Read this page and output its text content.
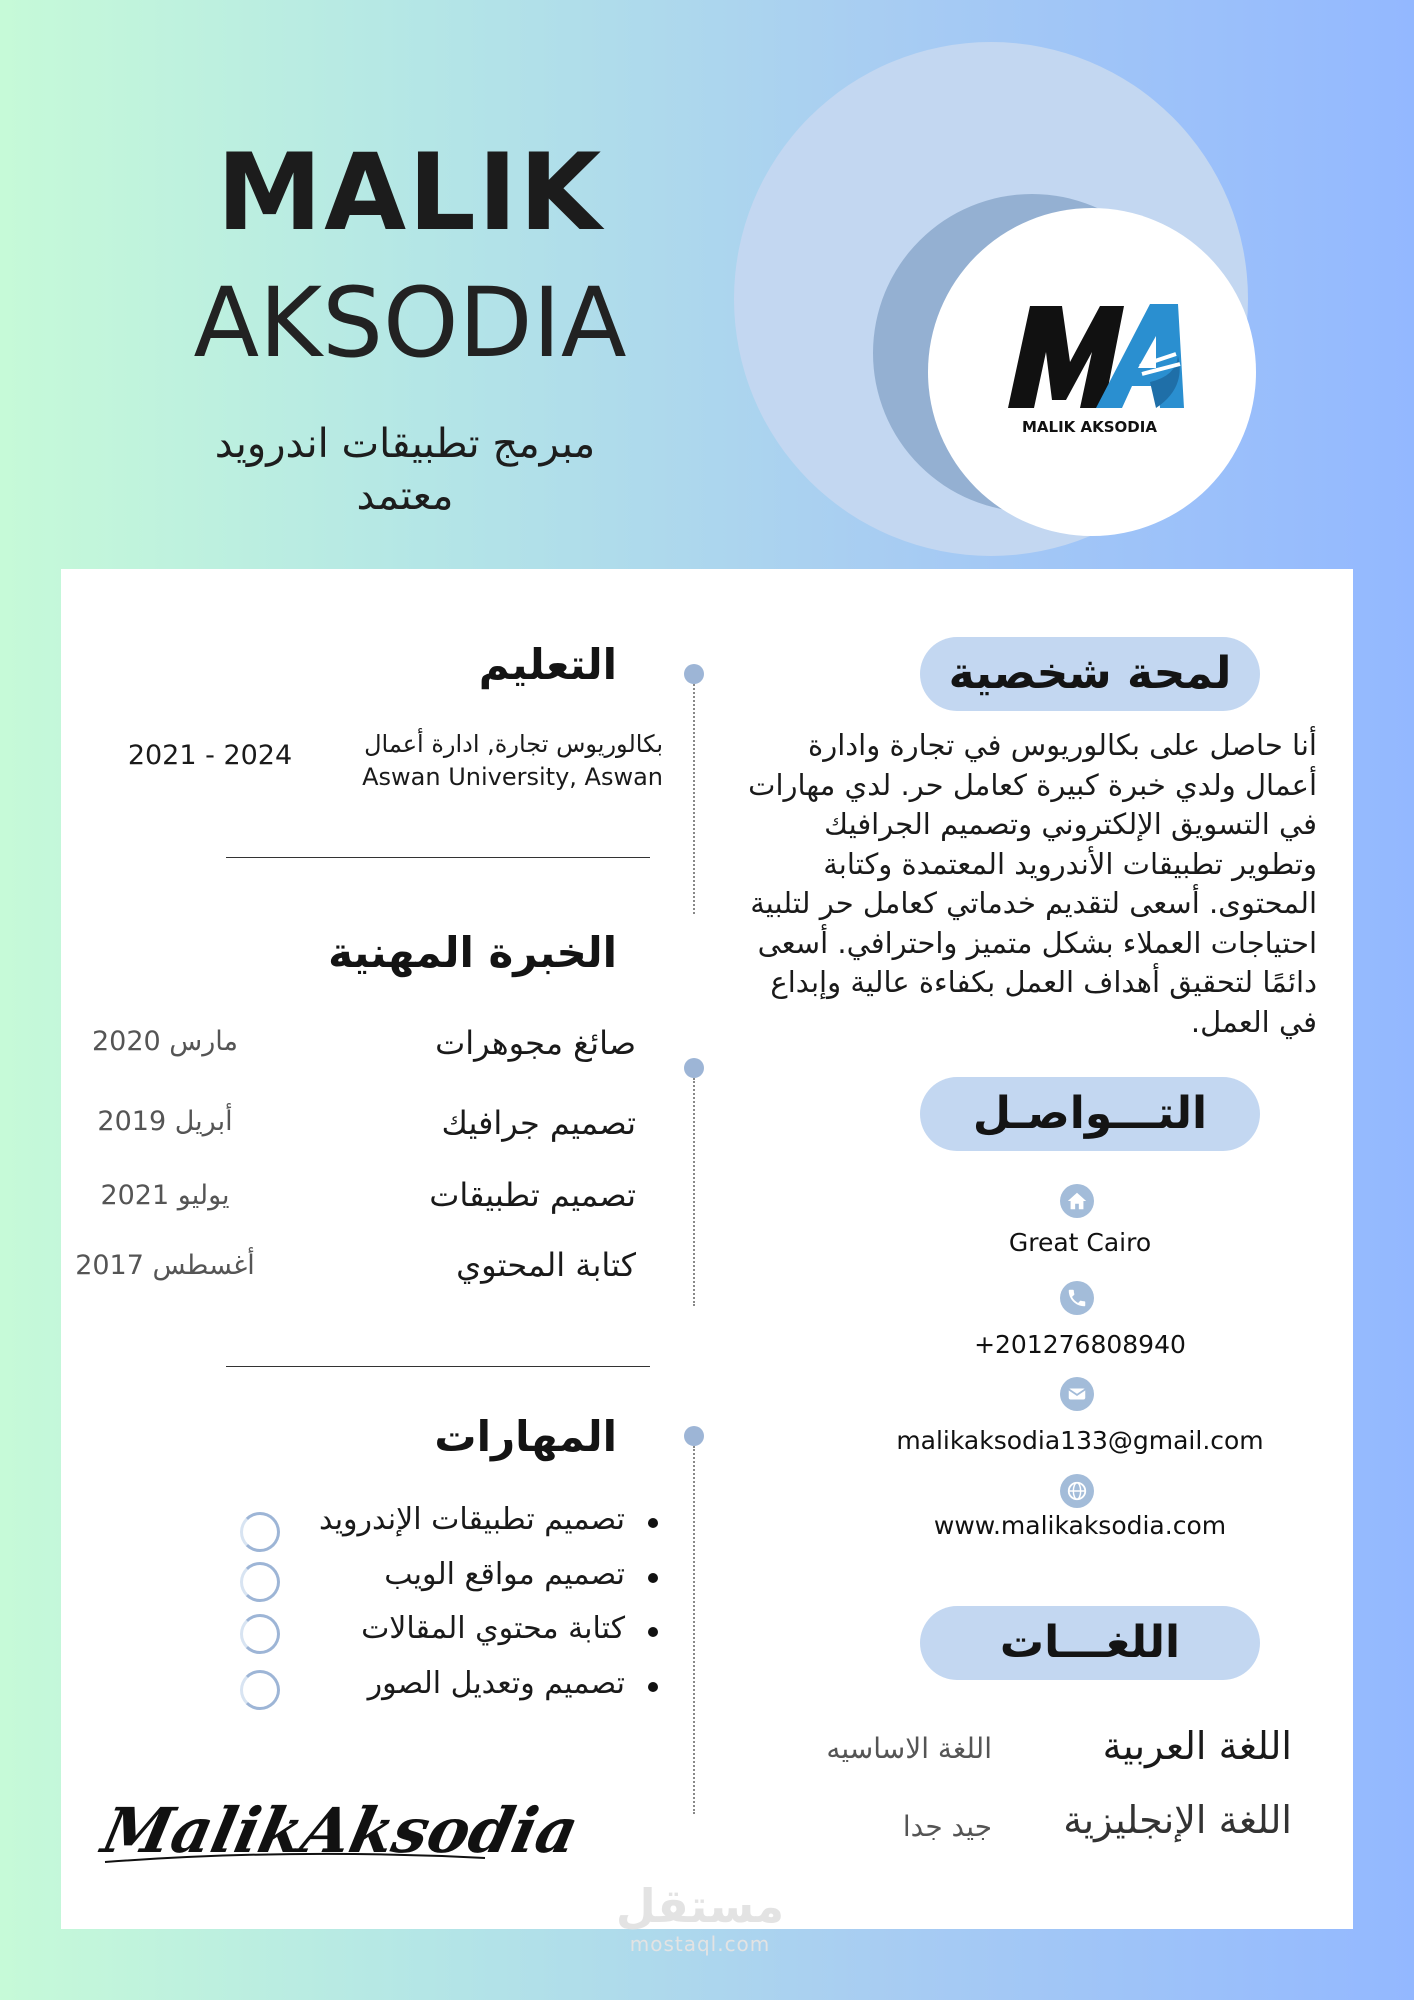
MALIK
AKSODIA
مبرمج تطبيقات اندرويد معتمد
MALIK AKSODIA
التعليم
بكالوريوس تجارة, ادارة أعمال
Aswan University, Aswan
2021 - 2024
الخبرة المهنية
صائغ مجوهرات
مارس 2020
تصميم جرافيك
أبريل 2019
تصميم تطبيقات
يوليو 2021
كتابة المحتوي
أغسطس 2017
المهارات
تصميم تطبيقات الإندرويد
تصميم مواقع الويب
كتابة محتوي المقالات
تصميم وتعديل الصور
MalikAksodia
لمحة شخصية
أنا حاصل على بكالوريوس في تجارة وادارة أعمال ولدي خبرة كبيرة كعامل حر. لدي مهارات في التسويق الإلكتروني وتصميم الجرافيك وتطوير تطبيقات الأندرويد المعتمدة وكتابة المحتوى. أسعى لتقديم خدماتي كعامل حر لتلبية احتياجات العملاء بشكل متميز واحترافي. أسعى دائمًا لتحقيق أهداف العمل بكفاءة عالية وإبداع في العمل.
التـــواصـل
Great Cairo
+201276808940
malikaksodia133@gmail.com
www.malikaksodia.com
اللغـــات
اللغة العربية
اللغة الاساسيه
اللغة الإنجليزية
جيد جدا
مستقل
mostaql.com
